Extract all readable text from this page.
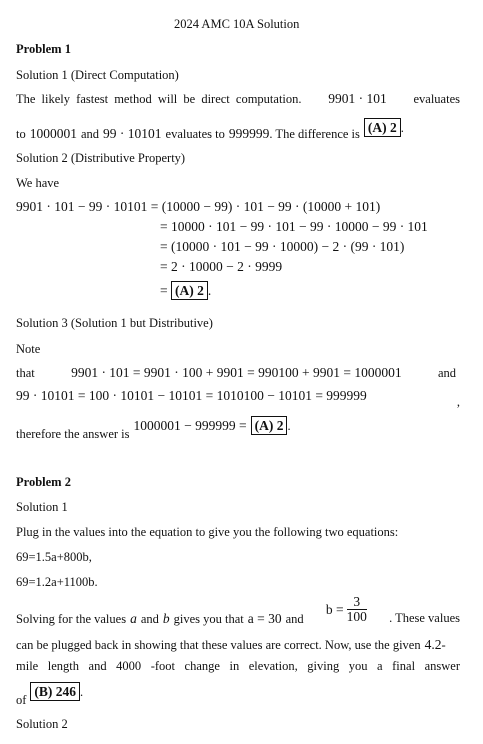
2024 AMC 10A Solution
Problem 1
Solution 1 (Direct Computation)
The likely fastest method will be direct computation. 9901 · 101 evaluates
$_{to}$ $_{1000001}$ $_{and}$ $_{99 \cdot 10101}$ $_{evaluates to}$ $_{999999. The difference is}$ (A) 2 .
Solution 2 (Distributive Property)
We have
9901 · 101 − 99 · 10101 = (10000 − 99) · 101 − 99 · (10000 + 101)
= 10000 · 101 − 99 · 101 − 99 · 10000 − 99 · 101
= (10000 · 101 − 99 · 10000) − 2 · (99 · 101)
= 2 · 10000 − 2 · 9999
= (A) 2 .
Solution 3 (Solution 1 but Distributive)
Note
that	9901 · 101 = 9901 · 100 + 9901 = 990100 + 9901 = 1000001	and
99 · 10101 = 100 · 10101 − 10101 = 1010100 − 10101 = 999999	,
$_{therefore the answer is}$ 1000001 − 999999 = (A) 2 .
Problem 2
Solution 1
Plug in the values into the equation to give you the following two equations:
69=1.5a+800b,
69=1.2a+1100b.
Solving for the values a and b gives you that a = 30 and
$b = \frac{3}{100}$ . These values
can be plugged back in showing that these values are correct. Now, use the given 4.2-
mile length and 4000 -foot change in elevation, giving you a final answer
$_{of}$ (B) 246 .
Solution 2
